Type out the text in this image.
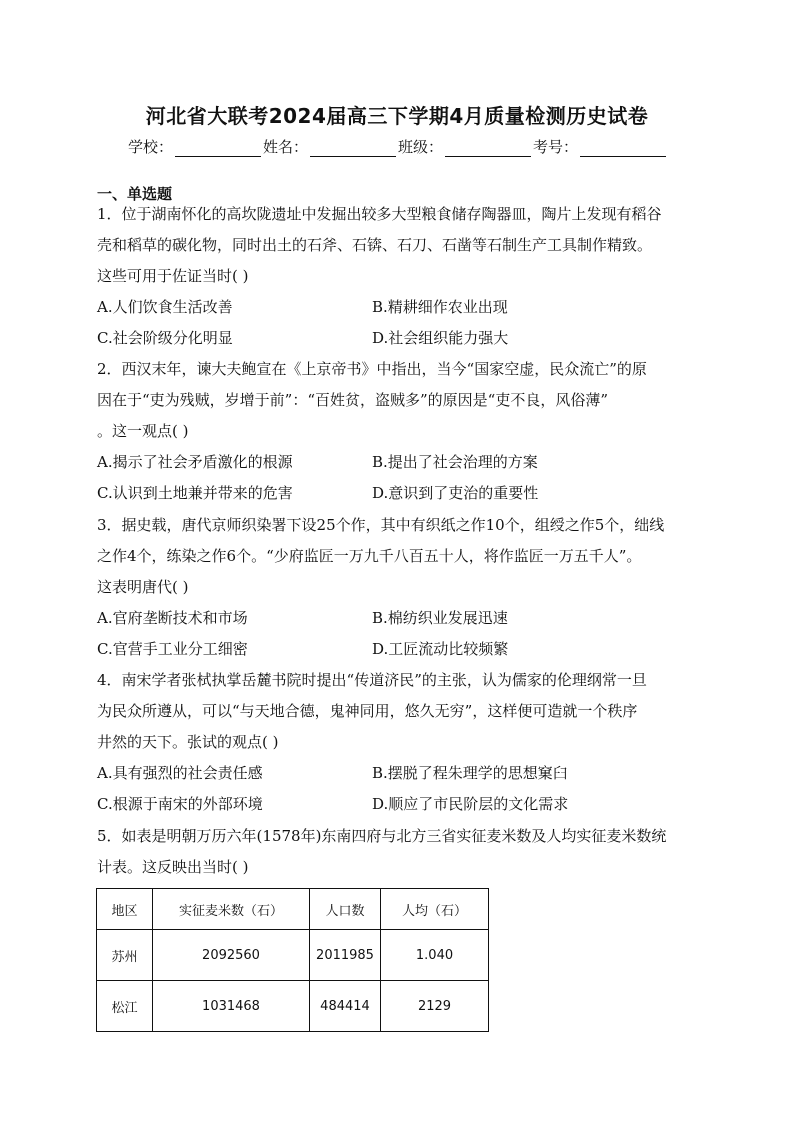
河北省大联考2024届高三下学期4月质量检测历史试卷
学校：	姓名：	班级：	考号：
一、单选题
1．位于湖南怀化的高坎陇遗址中发掘出较多大型粮食储存陶器皿，陶片上发现有稻谷
壳和稻草的碳化物，同时出土的石斧、石锛、石刀、石凿等石制生产工具制作精致。
这些可用于佐证当时( )
A.人们饮食生活改善	B.精耕细作农业出现
C.社会阶级分化明显	D.社会组织能力强大
2．西汉末年，谏大夫鲍宣在《上京帝书》中指出，当今“国家空虚，民众流亡”的原
因在于“吏为残贼，岁增于前”：“百姓贫，盗贼多”的原因是“吏不良，风俗薄”
。这一观点( )
A.揭示了社会矛盾激化的根源	B.提出了社会治理的方案
C.认识到土地兼并带来的危害	D.意识到了吏治的重要性
3．据史载，唐代京师织染署下设25个作，其中有织纸之作10个，组绶之作5个，绌线
之作4个，练染之作6个。“少府监匠一万九千八百五十人，将作监匠一万五千人”。
这表明唐代( )
A.官府垄断技术和市场	B.棉纺织业发展迅速
C.官营手工业分工细密	D.工匠流动比较频繁
4．南宋学者张栻执掌岳麓书院时提出“传道济民”的主张，认为儒家的伦理纲常一旦
为民众所遵从，可以“与天地合德，鬼神同用，悠久无穷”，这样便可造就一个秩序
井然的天下。张试的观点( )
A.具有强烈的社会责任感	B.摆脱了程朱理学的思想窠臼
C.根源于南宋的外部环境	D.顺应了市民阶层的文化需求
5．如表是明朝万历六年(1578年)东南四府与北方三省实征麦米数及人均实征麦米数统
计表。这反映出当时( )
地区	实征麦米数（石）	人口数	人均（石）
苏州	2092560	2011985	1.040
松江	1031468	484414	2129
